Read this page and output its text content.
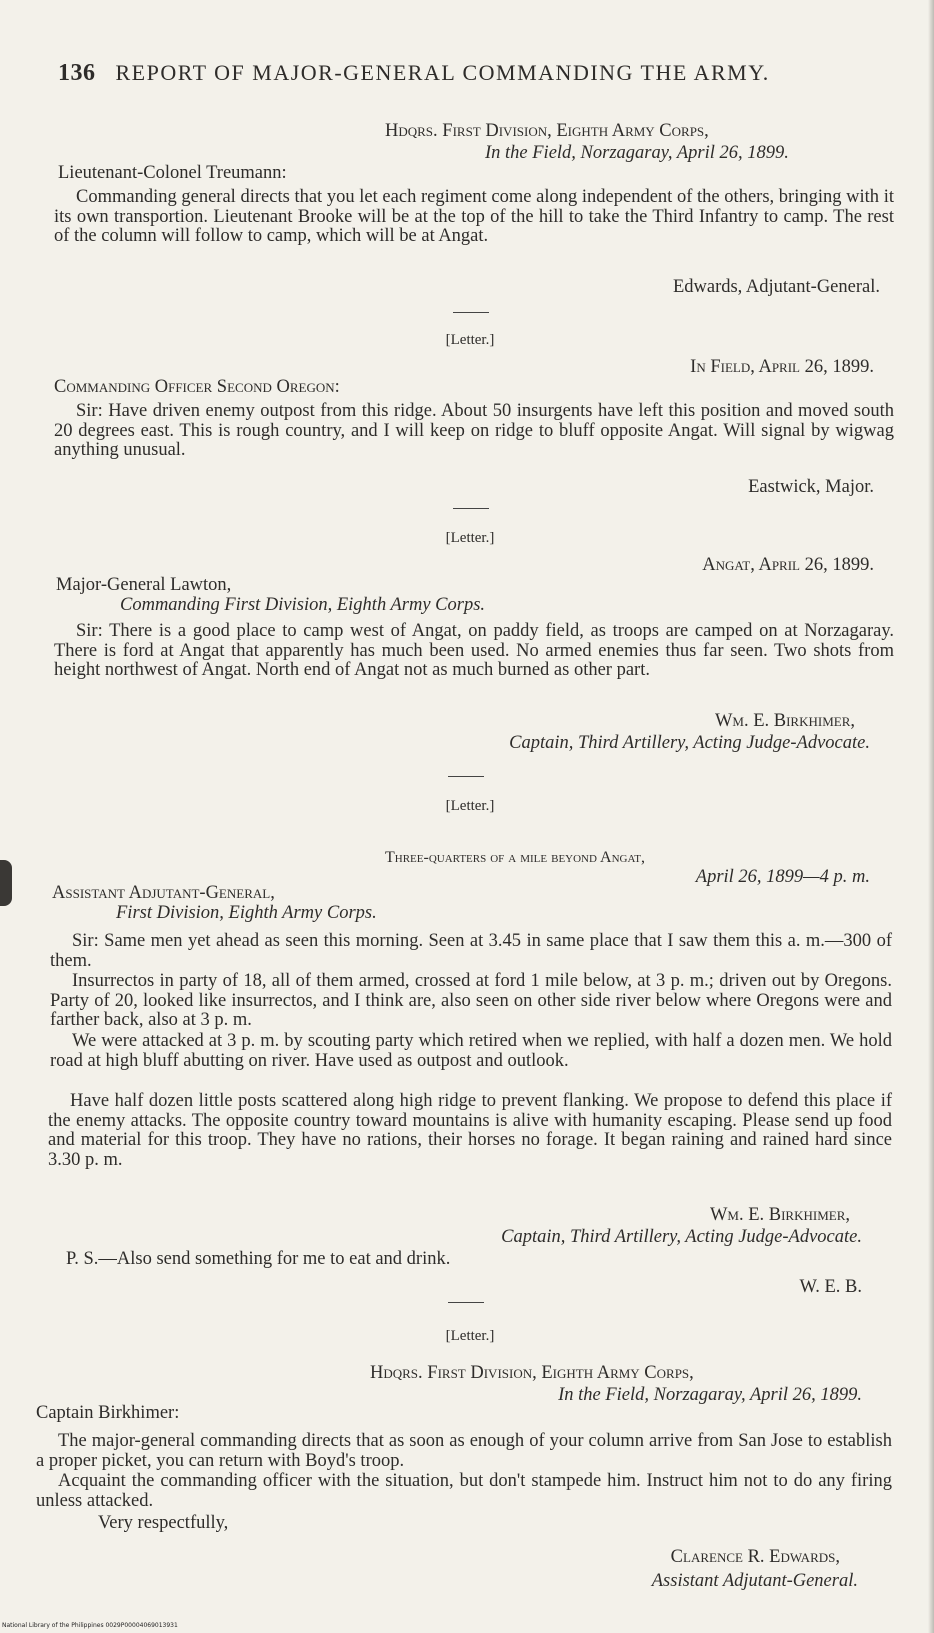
136 REPORT OF MAJOR-GENERAL COMMANDING THE ARMY.
Hdqrs. First Division, Eighth Army Corps,
In the Field, Norzagaray, April 26, 1899.
Lieutenant-Colonel Treumann:
Commanding general directs that you let each regiment come along independent of the others, bringing with it its own transportion. Lieutenant Brooke will be at the top of the hill to take the Third Infantry to camp. The rest of the column will follow to camp, which will be at Angat.
Edwards, Adjutant-General.
[Letter.]
In Field, April 26, 1899.
Commanding Officer Second Oregon:
Sir: Have driven enemy outpost from this ridge. About 50 insurgents have left this position and moved south 20 degrees east. This is rough country, and I will keep on ridge to bluff opposite Angat. Will signal by wigwag anything unusual.
Eastwick, Major.
[Letter.]
Angat, April 26, 1899.
Major-General Lawton,
Commanding First Division, Eighth Army Corps.
Sir: There is a good place to camp west of Angat, on paddy field, as troops are camped on at Norzagaray. There is ford at Angat that apparently has much been used. No armed enemies thus far seen. Two shots from height northwest of Angat. North end of Angat not as much burned as other part.
Wm. E. Birkhimer,
Captain, Third Artillery, Acting Judge-Advocate.
[Letter.]
Three-quarters of a mile beyond Angat,
April 26, 1899—4 p. m.
Assistant Adjutant-General,
First Division, Eighth Army Corps.
Sir: Same men yet ahead as seen this morning. Seen at 3.45 in same place that I saw them this a. m.—300 of them.
Insurrectos in party of 18, all of them armed, crossed at ford 1 mile below, at 3 p. m.; driven out by Oregons. Party of 20, looked like insurrectos, and I think are, also seen on other side river below where Oregons were and farther back, also at 3 p. m.
We were attacked at 3 p. m. by scouting party which retired when we replied, with half a dozen men. We hold road at high bluff abutting on river. Have used as outpost and outlook.
Have half dozen little posts scattered along high ridge to prevent flanking. We propose to defend this place if the enemy attacks. The opposite country toward mountains is alive with humanity escaping. Please send up food and material for this troop. They have no rations, their horses no forage. It began raining and rained hard since 3.30 p. m.
Wm. E. Birkhimer,
Captain, Third Artillery, Acting Judge-Advocate.
P. S.—Also send something for me to eat and drink.
W. E. B.
[Letter.]
Hdqrs. First Division, Eighth Army Corps,
In the Field, Norzagaray, April 26, 1899.
Captain Birkhimer:
The major-general commanding directs that as soon as enough of your column arrive from San Jose to establish a proper picket, you can return with Boyd's troop.
Acquaint the commanding officer with the situation, but don't stampede him. Instruct him not to do any firing unless attacked.
Very respectfully,
Clarence R. Edwards,
Assistant Adjutant-General.
National Library of the Philippines 0029P00004069013931
